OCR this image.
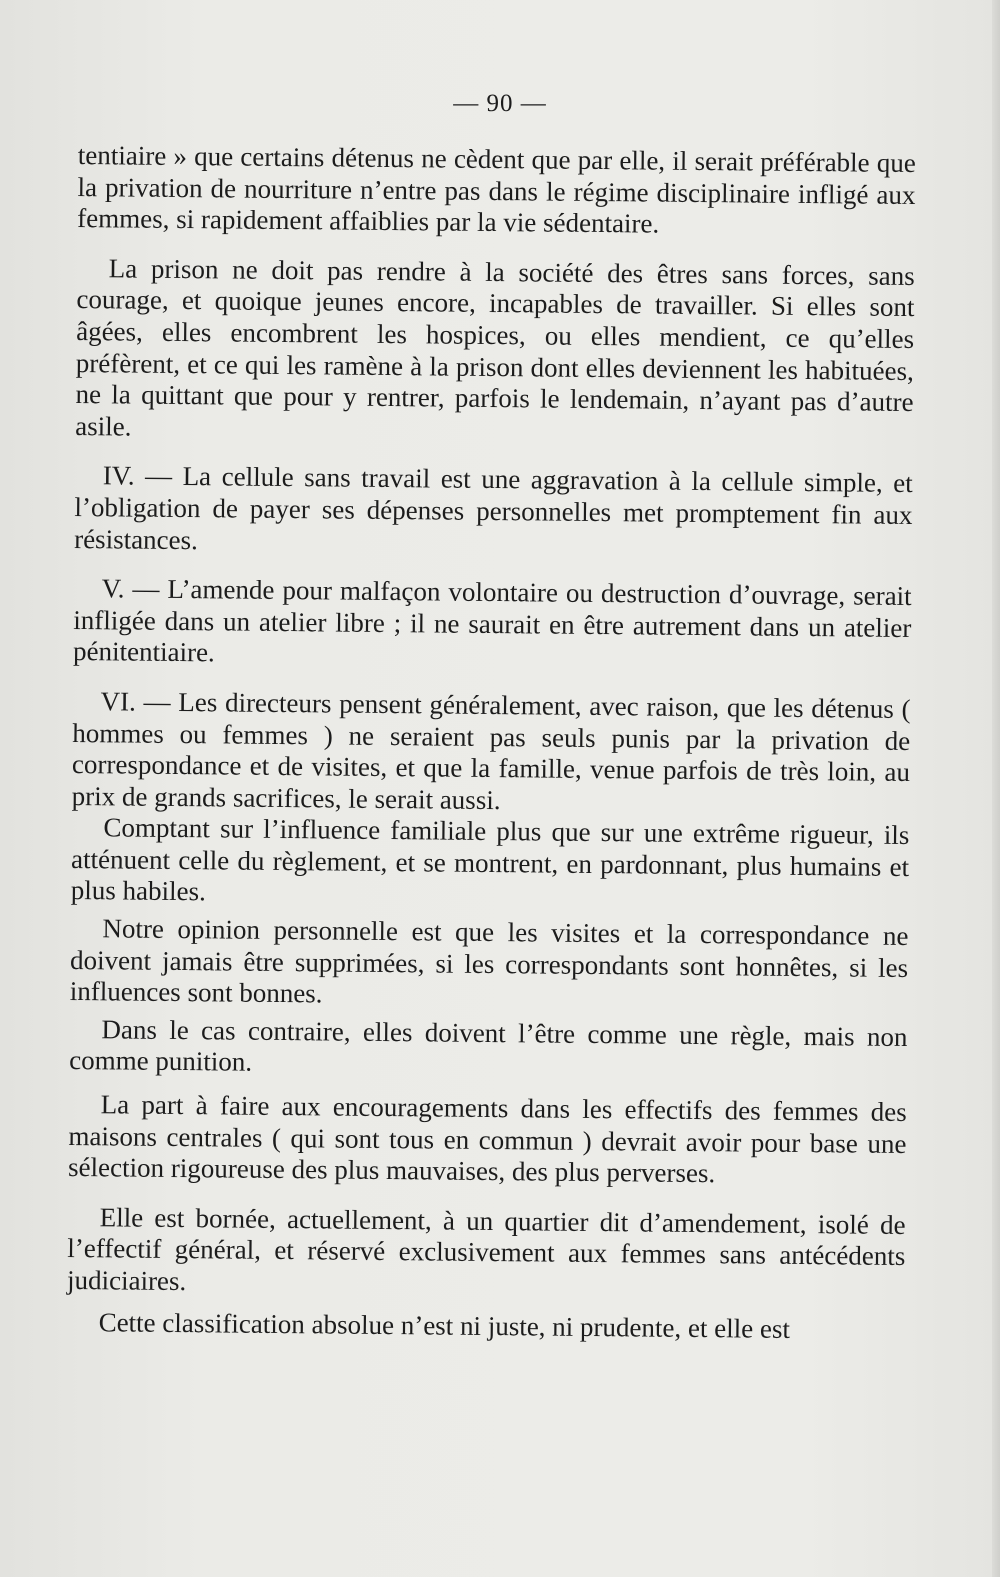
— 90 —

tentiaire » que certains détenus ne cèdent que par elle, il serait préférable que la privation de nourriture n’entre pas dans le régime disciplinaire infligé aux femmes, si rapidement affaiblies par la vie sédentaire.

La prison ne doit pas rendre à la société des êtres sans forces, sans courage, et quoique jeunes encore, incapables de travailler. Si elles sont âgées, elles encombrent les hospices, ou elles mendient, ce qu’elles préfèrent, et ce qui les ramène à la prison dont elles deviennent les habituées, ne la quittant que pour y rentrer, parfois le lendemain, n’ayant pas d’autre asile.

IV. — La cellule sans travail est une aggravation à la cellule simple, et l’obligation de payer ses dépenses personnelles met promptement fin aux résistances.

V. — L’amende pour malfaçon volontaire ou destruction d’ouvrage, serait infligée dans un atelier libre ; il ne saurait en être autrement dans un atelier pénitentiaire.

VI. — Les directeurs pensent généralement, avec raison, que les détenus ( hommes ou femmes ) ne seraient pas seuls punis par la privation de correspondance et de visites, et que la famille, venue parfois de très loin, au prix de grands sacrifices, le serait aussi.

Comptant sur l’influence familiale plus que sur une extrême rigueur, ils atténuent celle du règlement, et se montrent, en pardonnant, plus humains et plus habiles.

Notre opinion personnelle est que les visites et la correspondance ne doivent jamais être supprimées, si les correspondants sont honnêtes, si les influences sont bonnes.

Dans le cas contraire, elles doivent l’être comme une règle, mais non comme punition.

La part à faire aux encouragements dans les effectifs des femmes des maisons centrales ( qui sont tous en commun ) devrait avoir pour base une sélection rigoureuse des plus mauvaises, des plus perverses.

Elle est bornée, actuellement, à un quartier dit d’amendement, isolé de l’effectif général, et réservé exclusivement aux femmes sans antécédents judiciaires.

Cette classification absolue n’est ni juste, ni prudente, et elle est
